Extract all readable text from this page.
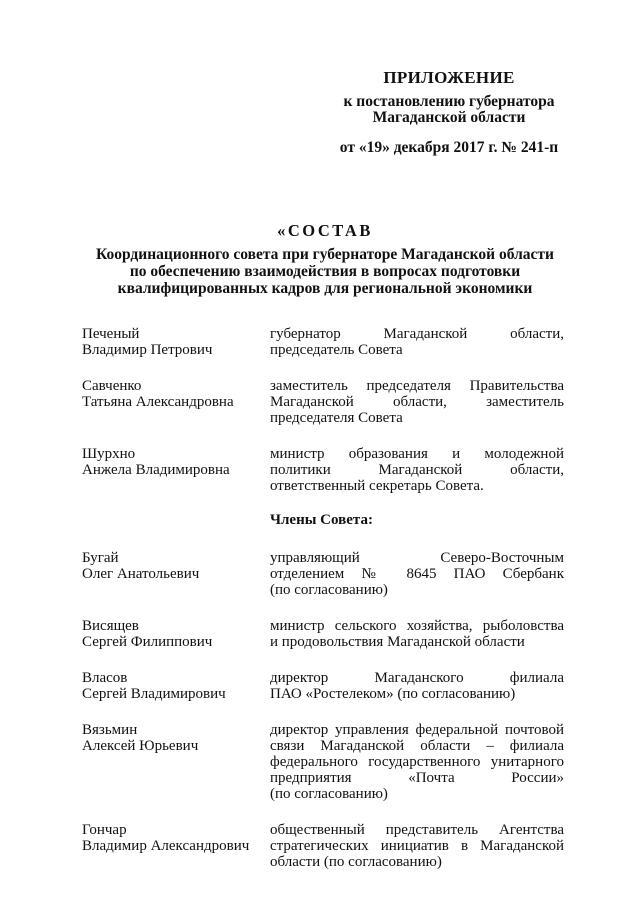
ПРИЛОЖЕНИЕ
к постановлению губернатора
Магаданской области
от «19» декабря 2017 г. № 241-п
«СОСТАВ
Координационного совета при губернаторе Магаданской области
по обеспечению взаимодействия в вопросах подготовки
квалифицированных кадров для региональной экономики
Печеный
Владимир Петрович
губернатор Магаданской области,
председатель Совета
Савченко
Татьяна Александровна
заместитель председателя Правительства
Магаданской области, заместитель
председателя Совета
Шурхно
Анжела Владимировна
министр образования и молодежной
политики Магаданской области,
ответственный секретарь Совета.
Члены Совета:
Бугай
Олег Анатольевич
управляющий Северо-Восточным
отделением № 8645 ПАО Сбербанк
(по согласованию)
Висящев
Сергей Филиппович
министр сельского хозяйства, рыболовства
и продовольствия Магаданской области
Власов
Сергей Владимирович
директор Магаданского филиала
ПАО «Ростелеком» (по согласованию)
Вязьмин
Алексей Юрьевич
директор управления федеральной почтовой
связи Магаданской области – филиала
федерального государственного унитарного
предприятия «Почта России»
(по согласованию)
Гончар
Владимир Александрович
общественный представитель Агентства
стратегических инициатив в Магаданской
области (по согласованию)
